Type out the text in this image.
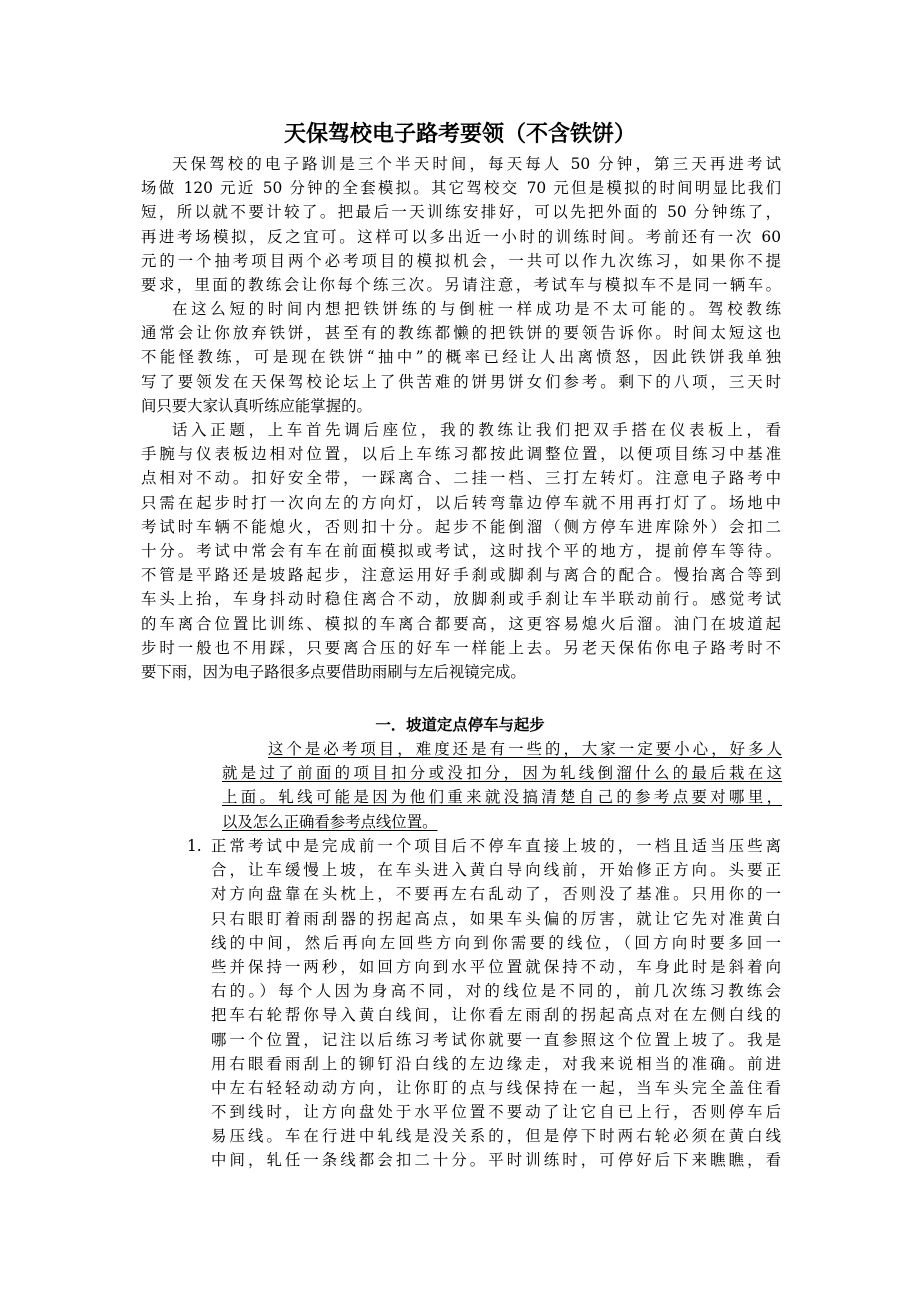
天保驾校电子路考要领（不含铁饼）
天保驾校的电子路训是三个半天时间，每天每人 50 分钟，第三天再进考试
场做 120 元近 50 分钟的全套模拟。其它驾校交 70 元但是模拟的时间明显比我们
短，所以就不要计较了。把最后一天训练安排好，可以先把外面的 50 分钟练了，
再进考场模拟，反之宜可。这样可以多出近一小时的训练时间。考前还有一次 60
元的一个抽考项目两个必考项目的模拟机会，一共可以作九次练习，如果你不提
要求，里面的教练会让你每个练三次。另请注意，考试车与模拟车不是同一辆车。
在这么短的时间内想把铁饼练的与倒桩一样成功是不太可能的。驾校教练
通常会让你放弃铁饼，甚至有的教练都懒的把铁饼的要领告诉你。时间太短这也
不能怪教练，可是现在铁饼“抽中”的概率已经让人出离愤怒，因此铁饼我单独
写了要领发在天保驾校论坛上了供苦难的饼男饼女们参考。剩下的八项，三天时
间只要大家认真听练应能掌握的。
话入正题，上车首先调后座位，我的教练让我们把双手搭在仪表板上，看
手腕与仪表板边相对位置，以后上车练习都按此调整位置，以便项目练习中基准
点相对不动。扣好安全带，一踩离合、二挂一档、三打左转灯。注意电子路考中
只需在起步时打一次向左的方向灯，以后转弯靠边停车就不用再打灯了。场地中
考试时车辆不能熄火，否则扣十分。起步不能倒溜（侧方停车进库除外）会扣二
十分。考试中常会有车在前面模拟或考试，这时找个平的地方，提前停车等待。
不管是平路还是坡路起步，注意运用好手刹或脚刹与离合的配合。慢抬离合等到
车头上抬，车身抖动时稳住离合不动，放脚刹或手刹让车半联动前行。感觉考试
的车离合位置比训练、模拟的车离合都要高，这更容易熄火后溜。油门在坡道起
步时一般也不用踩，只要离合压的好车一样能上去。另老天保佑你电子路考时不
要下雨，因为电子路很多点要借助雨刷与左后视镜完成。
一．坡道定点停车与起步
这个是必考项目，难度还是有一些的，大家一定要小心，好多人
就是过了前面的项目扣分或没扣分，因为轧线倒溜什么的最后栽在这
上面。轧线可能是因为他们重来就没搞清楚自己的参考点要对哪里，
以及怎么正确看参考点线位置。
1. 正常考试中是完成前一个项目后不停车直接上坡的，一档且适当压些离
合，让车缓慢上坡，在车头进入黄白导向线前，开始修正方向。头要正
对方向盘靠在头枕上，不要再左右乱动了，否则没了基准。只用你的一
只右眼盯着雨刮器的拐起高点，如果车头偏的厉害，就让它先对准黄白
线的中间，然后再向左回些方向到你需要的线位，（回方向时要多回一
些并保持一两秒，如回方向到水平位置就保持不动，车身此时是斜着向
右的。）每个人因为身高不同，对的线位是不同的，前几次练习教练会
把车右轮帮你导入黄白线间，让你看左雨刮的拐起高点对在左侧白线的
哪一个位置，记注以后练习考试你就要一直参照这个位置上坡了。我是
用右眼看雨刮上的铆钉沿白线的左边缘走，对我来说相当的准确。前进
中左右轻轻动动方向，让你盯的点与线保持在一起，当车头完全盖住看
不到线时，让方向盘处于水平位置不要动了让它自已上行，否则停车后
易压线。车在行进中轧线是没关系的，但是停下时两右轮必须在黄白线
中间，轧任一条线都会扣二十分。平时训练时，可停好后下来瞧瞧，看
